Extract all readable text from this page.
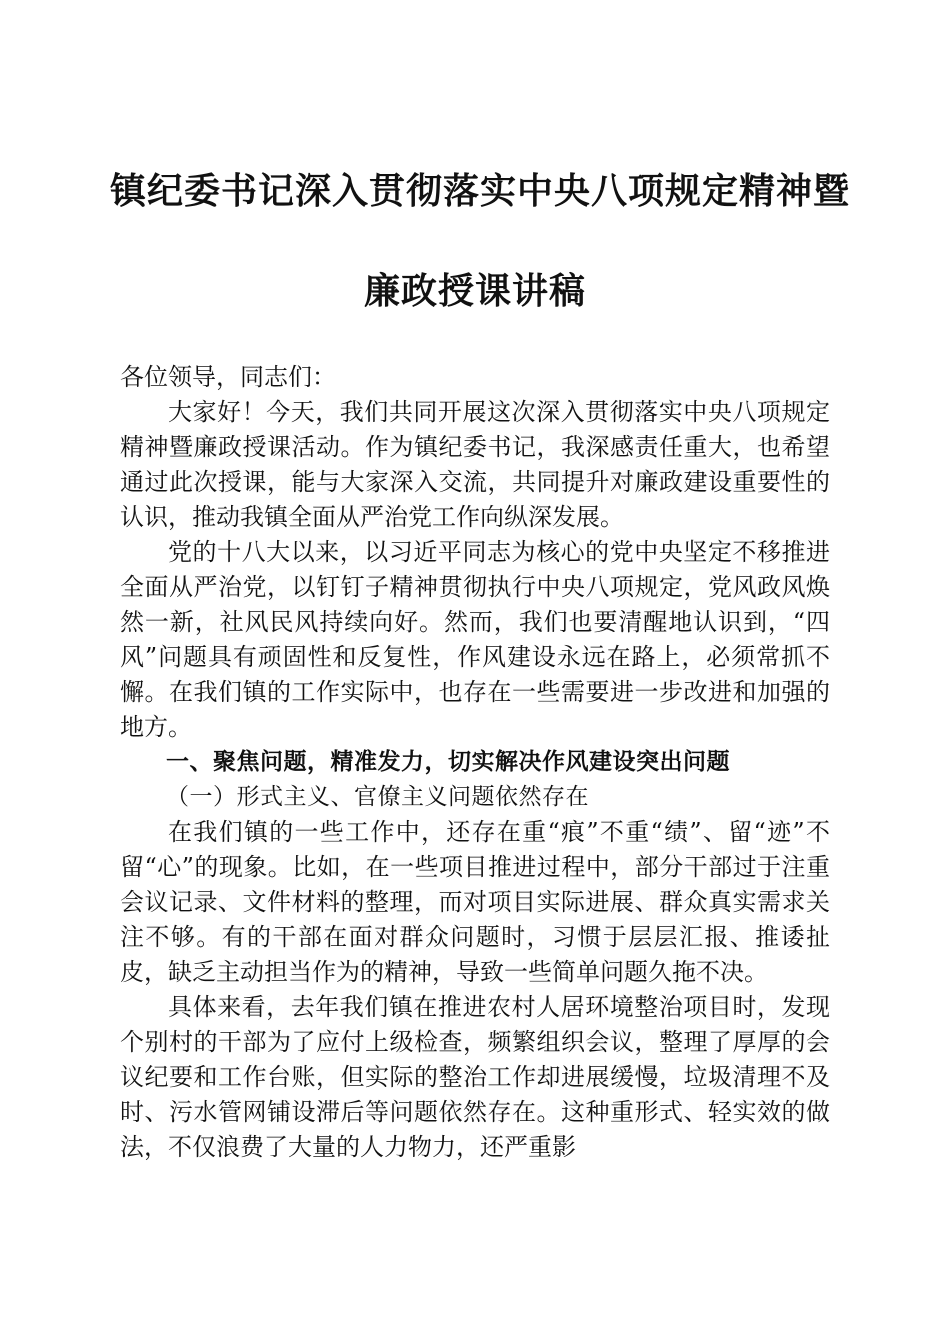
镇纪委书记深入贯彻落实中央八项规定精神暨
廉政授课讲稿

各位领导，同志们：

大家好！今天，我们共同开展这次深入贯彻落实中央八项规定精神暨廉政授课活动。作为镇纪委书记，我深感责任重大，也希望通过此次授课，能与大家深入交流，共同提升对廉政建设重要性的认识，推动我镇全面从严治党工作向纵深发展。

党的十八大以来，以习近平同志为核心的党中央坚定不移推进全面从严治党，以钉钉子精神贯彻执行中央八项规定，党风政风焕然一新，社风民风持续向好。然而，我们也要清醒地认识到，“四风”问题具有顽固性和反复性，作风建设永远在路上，必须常抓不懈。在我们镇的工作实际中，也存在一些需要进一步改进和加强的地方。

一、聚焦问题，精准发力，切实解决作风建设突出问题

（一）形式主义、官僚主义问题依然存在

在我们镇的一些工作中，还存在重“痕”不重“绩”、留“迹”不留“心”的现象。比如，在一些项目推进过程中，部分干部过于注重会议记录、文件材料的整理，而对项目实际进展、群众真实需求关注不够。有的干部在面对群众问题时，习惯于层层汇报、推诿扯皮，缺乏主动担当作为的精神，导致一些简单问题久拖不决。

具体来看，去年我们镇在推进农村人居环境整治项目时，发现个别村的干部为了应付上级检查，频繁组织会议，整理了厚厚的会议纪要和工作台账，但实际的整治工作却进展缓慢，垃圾清理不及时、污水管网铺设滞后等问题依然存在。这种重形式、轻实效的做法，不仅浪费了大量的人力物力，还严重影
